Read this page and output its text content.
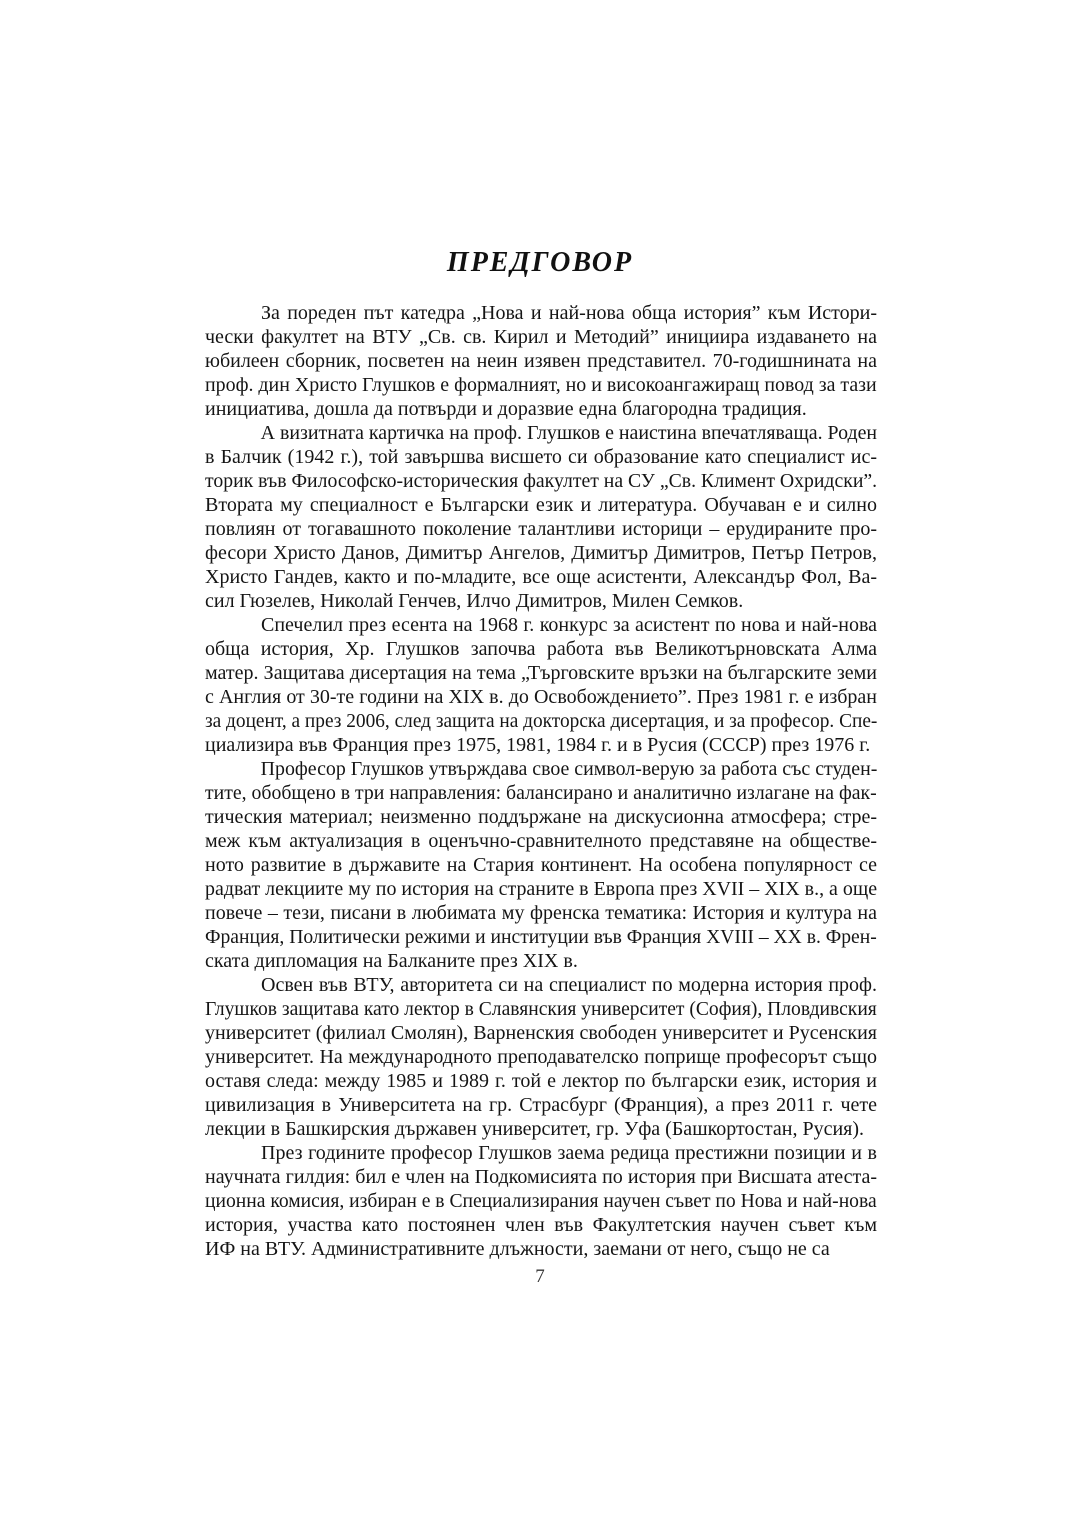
ПРЕДГОВОР
За пореден път катедра „Нова и най-нова обща история” към Истори-
чески факултет на ВТУ „Св. св. Кирил и Методий” инициира издаването на
юбилеен сборник, посветен на неин изявен представител. 70-годишнината на
проф. дин Христо Глушков е формалният, но и високоангажиращ повод за тази
инициатива, дошла да потвърди и доразвие една благородна традиция.
А визитната картичка на проф. Глушков е наистина впечатляваща. Роден
в Балчик (1942 г.), той завършва висшето си образование като специалист ис-
торик във Философско-историческия факултет на СУ „Св. Климент Охридски”.
Втората му специалност е Български език и литература. Обучаван е и силно
повлиян от тогавашното поколение талантливи историци – ерудираните про-
фесори Христо Данов, Димитър Ангелов, Димитър Димитров, Петър Петров,
Христо Гандев, както и по-младите, все още асистенти, Александър Фол, Ва-
сил Гюзелев, Николай Генчев, Илчо Димитров, Милен Семков.
Спечелил през есента на 1968 г. конкурс за асистент по нова и най-нова
обща история, Хр. Глушков започва работа във Великотърновската Алма
матер. Защитава дисертация на тема „Търговските връзки на българските земи
с Англия от 30-те години на XIX в. до Освобождението”. През 1981 г. е избран
за доцент, а през 2006, след защита на докторска дисертация, и за професор. Спе-
циализира във Франция през 1975, 1981, 1984 г. и в Русия (СССР) през 1976 г.
Професор Глушков утвърждава свое символ-верую за работа със студен-
тите, обобщено в три направления: балансирано и аналитично излагане на фак-
тическия материал; неизменно поддържане на дискусионна атмосфера; стре-
меж към актуализация в оценъчно-сравнителното представяне на обществе-
ното развитие в държавите на Стария континент. На особена популярност се
радват лекциите му по история на страните в Европа през XVII – XIX в., а още
повече – тези, писани в любимата му френска тематика: История и култура на
Франция, Политически режими и институции във Франция XVIII – XX в. Френ-
ската дипломация на Балканите през XIX в.
Освен във ВТУ, авторитета си на специалист по модерна история проф.
Глушков защитава като лектор в Славянския университет (София), Пловдивския
университет (филиал Смолян), Варненския свободен университет и Русенския
университет. На международното преподавателско поприще професорът също
оставя следа: между 1985 и 1989 г. той е лектор по български език, история и
цивилизация в Университета на гр. Страсбург (Франция), а през 2011 г. чете
лекции в Башкирския държавен университет, гр. Уфа (Башкортостан, Русия).
През годините професор Глушков заема редица престижни позиции и в
научната гилдия: бил е член на Подкомисията по история при Висшата атеста-
ционна комисия, избиран е в Специализирания научен съвет по Нова и най-нова
история, участва като постоянен член във Факултетския научен съвет към
ИФ на ВТУ. Административните длъжности, заемани от него, също не са
7
